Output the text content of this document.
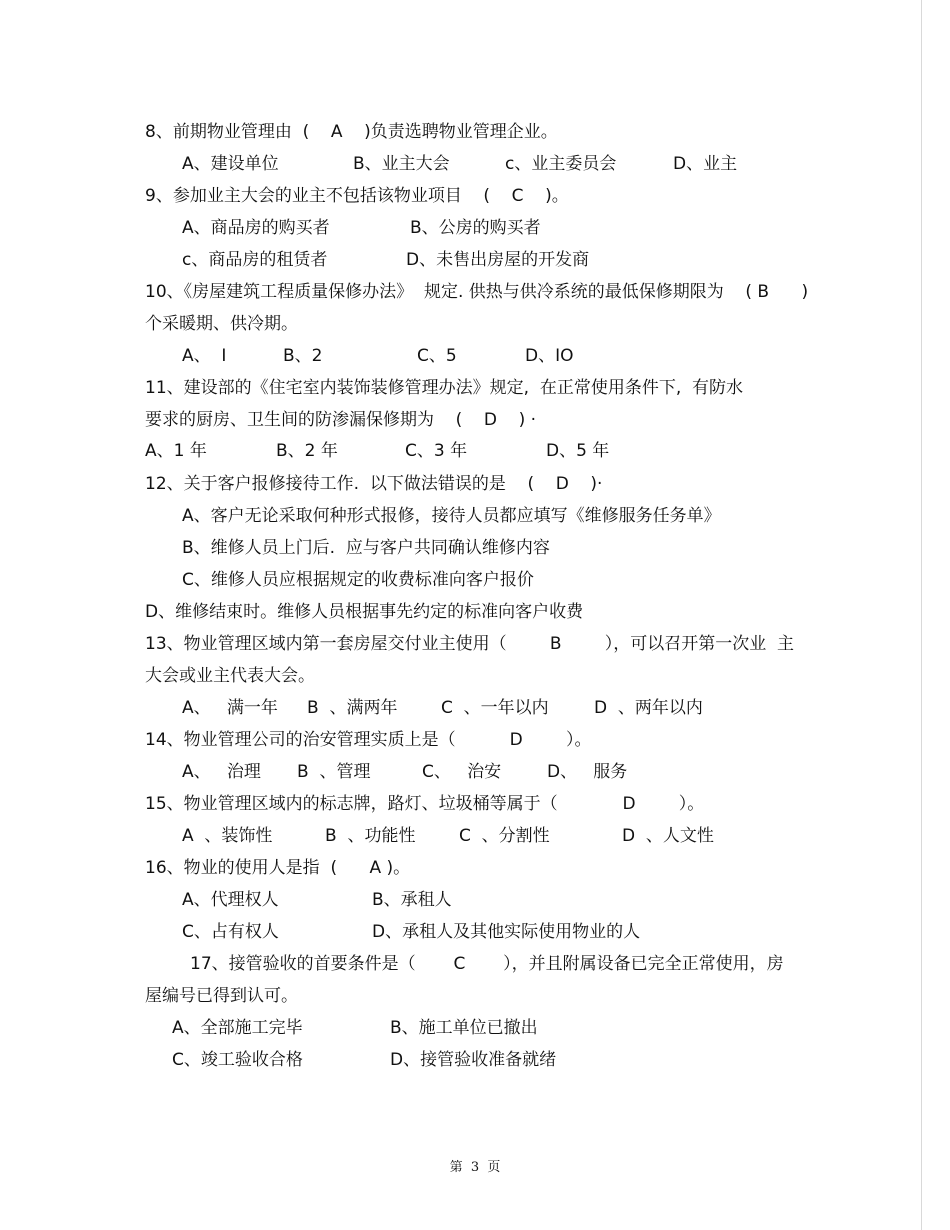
8、前期物业管理由  (    A    )负责选聘物业管理企业。
A、建设单位	B、业主大会	c、业主委员会	D、业主
9、参加业主大会的业主不包括该物业项目    (    C    )。
A、商品房的购买者	B、公房的购买者
c、商品房的租赁者	D、未售出房屋的开发商
10、《房屋建筑工程质量保修办法》  规定. 供热与供冷系统的最低保修期限为    ( B      )
个采暖期、供冷期。
A、  I	B、2	C、5	D、IO
11、建设部的《住宅室内装饰装修管理办法》规定,  在正常使用条件下,  有防水
要求的厨房、卫生间的防渗漏保修期为    (    D    ) ·
A、1 年	B、2 年	C、3 年	D、5 年
12、关于客户报修接待工作.  以下做法错误的是    (    D    )·
A、客户无论采取何种形式报修，接待人员都应填写《维修服务任务单》
B、维修人员上门后.  应与客户共同确认维修内容
C、维修人员应根据规定的收费标准向客户报价
D、维修结束时。维修人员根据事先约定的标准向客户收费
13、物业管理区域内第一套房屋交付业主使用（        B        ），可以召开第一次业  主
大会或业主代表大会。
A、   满一年 B  、满两年	C  、一年以内	D  、两年以内
14、物业管理公司的治安管理实质上是（          D        ）。
A、   治理 B  、管理	C、   治安	D、   服务
15、物业管理区域内的标志牌，路灯、垃圾桶等属于（            D        ）。
A  、装饰性	B  、功能性	C  、分割性	D  、人文性
16、物业的使用人是指  (      A )。
A、代理权人	B、承租人
C、占有权人	D、承租人及其他实际使用物业的人
17、接管验收的首要条件是（       C       ），并且附属设备已完全正常使用，房
屋编号已得到认可。
A、全部施工完毕	B、施工单位已撤出
C、竣工验收合格	D、接管验收准备就绪
第  3  页
